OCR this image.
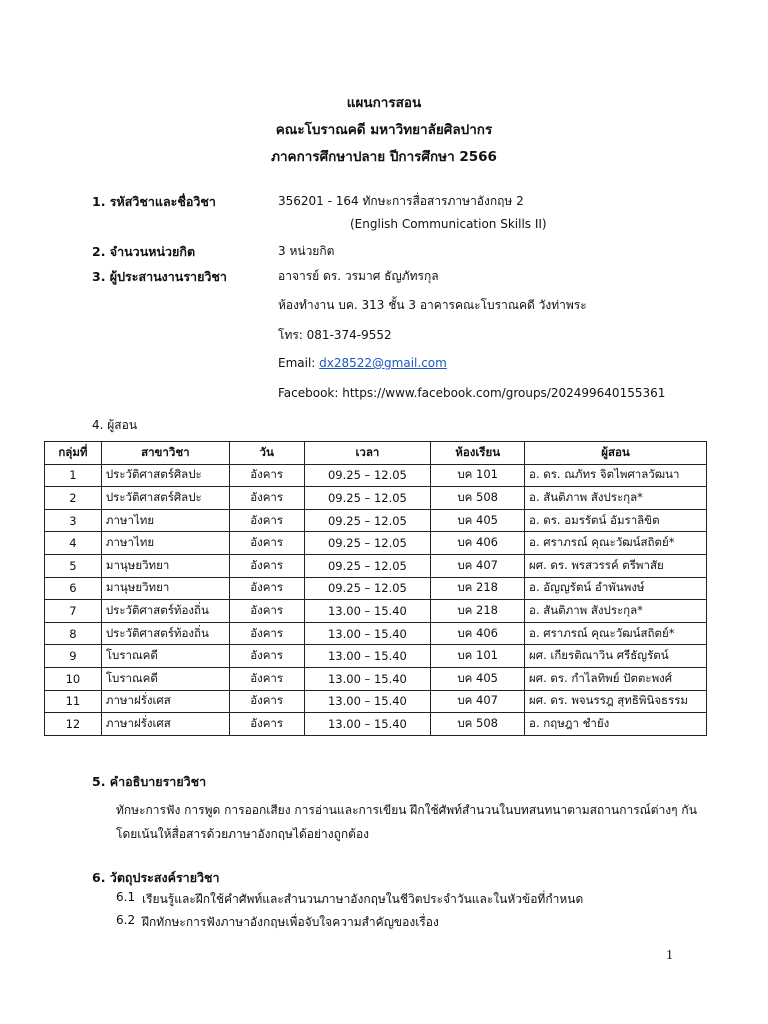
แผนการสอน
คณะโบราณคดี มหาวิทยาลัยศิลปากร
ภาคการศึกษาปลาย ปีการศึกษา 2566
1. รหัสวิชาและชื่อวิชา	356201 - 164 ทักษะการสื่อสารภาษาอังกฤษ 2
(English Communication Skills II)
2. จำนวนหน่วยกิต	3 หน่วยกิต
3. ผู้ประสานงานรายวิชา	อาจารย์ ดร. วรมาศ ธัญภัทรกุล
ห้องทำงาน บค. 313 ชั้น 3 อาคารคณะโบราณคดี วังท่าพระ
โทร: 081-374-9552
Email: dx28522@gmail.com
Facebook: https://www.facebook.com/groups/202499640155361
4. ผู้สอน
กลุ่มที่	สาขาวิชา	วัน	เวลา	ห้องเรียน	ผู้สอน
1	ประวัติศาสตร์ศิลปะ	อังคาร	09.25 – 12.05	บค 101	อ. ดร. ณภัทร จิตไพศาลวัฒนา
2	ประวัติศาสตร์ศิลปะ	อังคาร	09.25 – 12.05	บค 508	อ. สันติภาพ สังประกุล*
3	ภาษาไทย	อังคาร	09.25 – 12.05	บค 405	อ. ดร. อมรรัตน์ อัมราลิขิต
4	ภาษาไทย	อังคาร	09.25 – 12.05	บค 406	อ. ศราภรณ์ คุณะวัฒน์สถิตย์*
5	มานุษยวิทยา	อังคาร	09.25 – 12.05	บค 407	ผศ. ดร. พรสวรรค์ ตรีพาสัย
6	มานุษยวิทยา	อังคาร	09.25 – 12.05	บค 218	อ. อัญญรัตน์ อำพันพงษ์
7	ประวัติศาสตร์ท้องถิ่น	อังคาร	13.00 – 15.40	บค 218	อ. สันติภาพ สังประกุล*
8	ประวัติศาสตร์ท้องถิ่น	อังคาร	13.00 – 15.40	บค 406	อ. ศราภรณ์ คุณะวัฒน์สถิตย์*
9	โบราณคดี	อังคาร	13.00 – 15.40	บค 101	ผศ. เกียรติณาวิน ศรีธัญรัตน์
10	โบราณคดี	อังคาร	13.00 – 15.40	บค 405	ผศ. ดร. กำไลทิพย์ ปัตตะพงศ์
11	ภาษาฝรั่งเศส	อังคาร	13.00 – 15.40	บค 407	ผศ. ดร. พจนรรฎ สุทธิพินิจธรรม
12	ภาษาฝรั่งเศส	อังคาร	13.00 – 15.40	บค 508	อ. กฤษฎา ชำยัง
5. คำอธิบายรายวิชา
ทักษะการฟัง การพูด การออกเสียง การอ่านและการเขียน ฝึกใช้ศัพท์สำนวนในบทสนทนาตามสถานการณ์ต่างๆ กัน
โดยเน้นให้สื่อสารด้วยภาษาอังกฤษได้อย่างถูกต้อง
6. วัตถุประสงค์รายวิชา
6.1 เรียนรู้และฝึกใช้คำศัพท์และสำนวนภาษาอังกฤษในชีวิตประจำวันและในหัวข้อที่กำหนด
6.2 ฝึกทักษะการฟังภาษาอังกฤษเพื่อจับใจความสำคัญของเรื่อง
1
